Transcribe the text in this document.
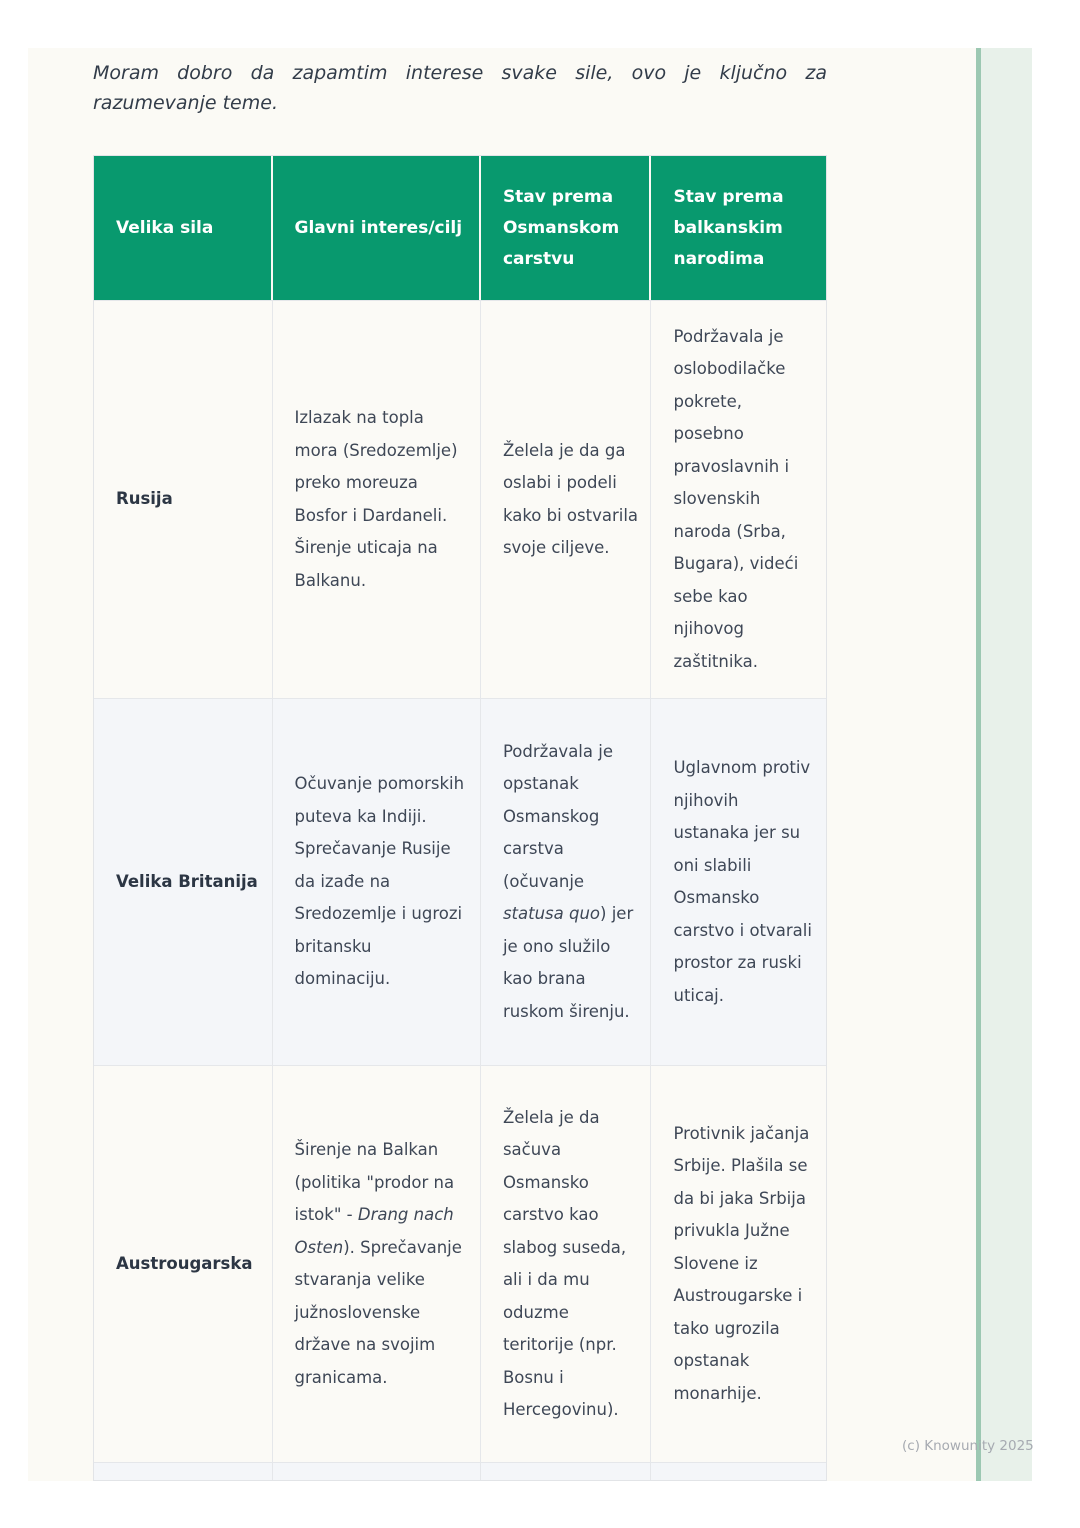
Moram dobro da zapamtim interese svake sile, ovo je ključno za razumevanje teme.
Velika sila	Glavni interes/cilj
Stav prema Osmanskom carstvu
Stav prema balkanskim narodima
Rusija
Izlazak na topla mora (Sredozemlje) preko moreuza Bosfor i Dardaneli. Širenje uticaja na Balkanu.
Želela je da ga oslabi i podeli kako bi ostvarila svoje ciljeve.
Podržavala je oslobodilačke pokrete, posebno pravoslavnih i slovenskih naroda (Srba, Bugara), videći sebe kao njihovog zaštitnika.
Velika Britanija
Očuvanje pomorskih puteva ka Indiji. Sprečavanje Rusije da izađe na Sredozemlje i ugrozi britansku dominaciju.
Podržavala je opstanak Osmanskog carstva (očuvanje statusa quo) jer je ono služilo kao brana ruskom širenju.
Uglavnom protiv njihovih ustanaka jer su oni slabili Osmansko carstvo i otvarali prostor za ruski uticaj.
Austrougarska
Širenje na Balkan (politika "prodor na istok" - Drang nach Osten). Sprečavanje stvaranja velike južnoslovenske države na svojim granicama.
Želela je da sačuva Osmansko carstvo kao slabog suseda, ali i da mu oduzme teritorije (npr. Bosnu i Hercegovinu).
Protivnik jačanja Srbije. Plašila se da bi jaka Srbija privukla Južne Slovene iz Austrougarske i tako ugrozila opstanak monarhije.
(c) Knowunity 2025
